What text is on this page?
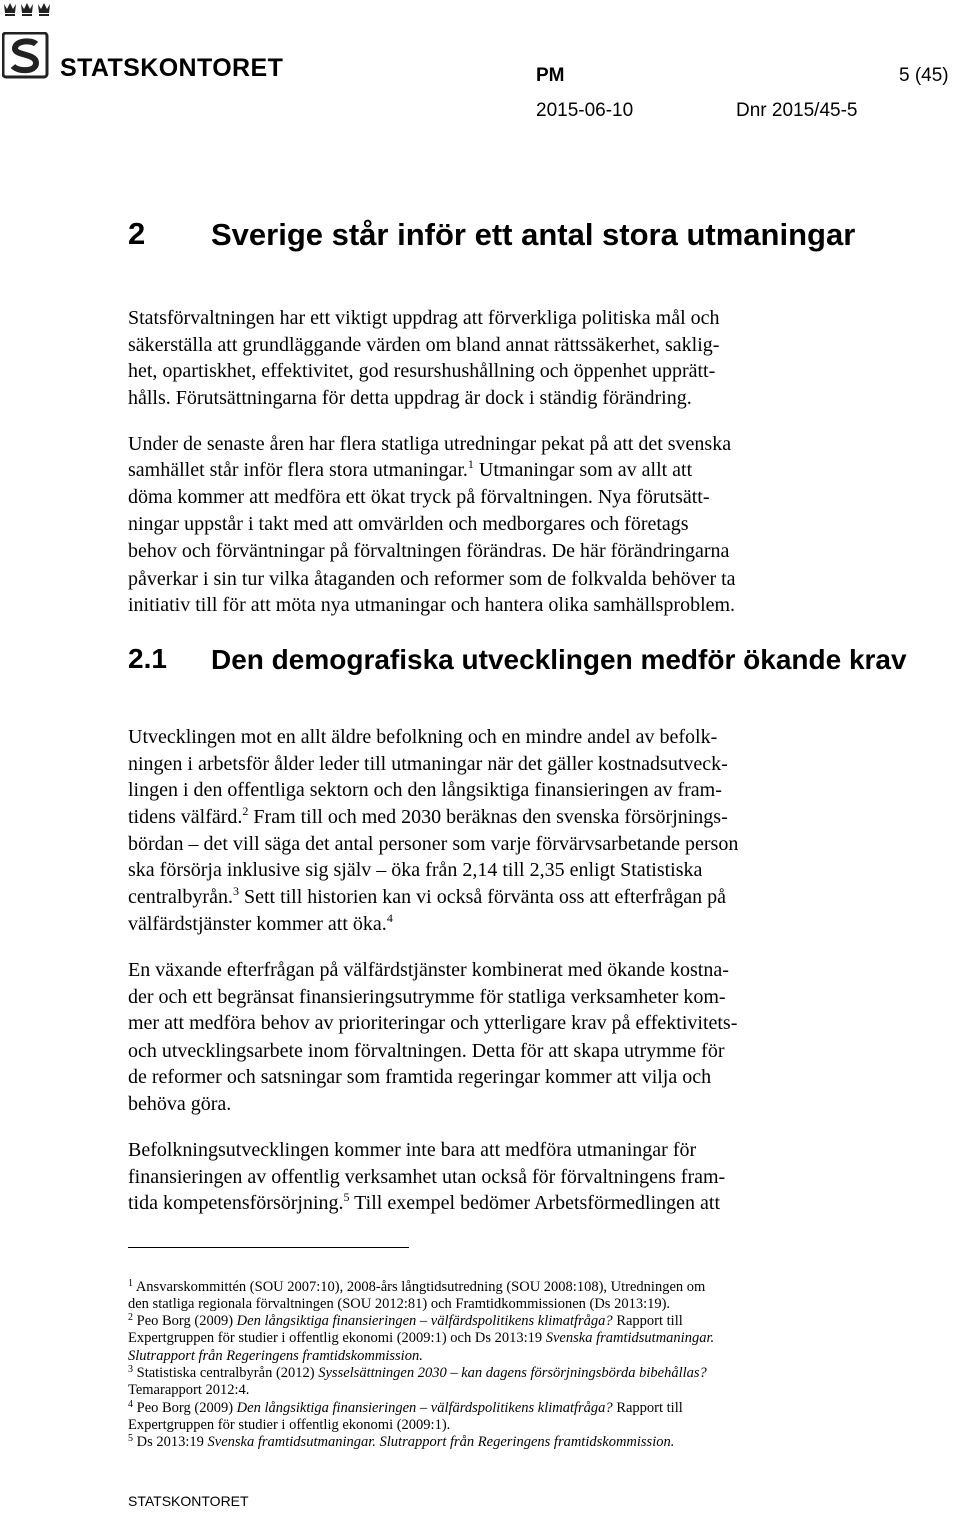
STATSKONTORET	PM	5 (45)
2015-06-10	Dnr 2015/45-5
2 Sverige står inför ett antal stora utmaningar
Statsförvaltningen har ett viktigt uppdrag att förverkliga politiska mål och
säkerställa att grundläggande värden om bland annat rättssäkerhet, saklig-
het, opartiskhet, effektivitet, god resurshushållning och öppenhet upprätt-
hålls. Förutsättningarna för detta uppdrag är dock i ständig förändring.
Under de senaste åren har flera statliga utredningar pekat på att det svenska
samhället står inför flera stora utmaningar.$^1$ Utmaningar som av allt att
döma kommer att medföra ett ökat tryck på förvaltningen. Nya förutsätt-
ningar uppstår i takt med att omvärlden och medborgares och företags
behov och förväntningar på förvaltningen förändras. De här förändringarna
påverkar i sin tur vilka åtaganden och reformer som de folkvalda behöver ta
initiativ till för att möta nya utmaningar och hantera olika samhällsproblem.
2.1 Den demografiska utvecklingen medför ökande krav
Utvecklingen mot en allt äldre befolkning och en mindre andel av befolk-
ningen i arbetsför ålder leder till utmaningar när det gäller kostnadsutveck-
lingen i den offentliga sektorn och den långsiktiga finansieringen av fram-
tidens välfärd.$^2$ Fram till och med 2030 beräknas den svenska försörjnings-
bördan – det vill säga det antal personer som varje förvärvsarbetande person
ska försörja inklusive sig själv – öka från 2,14 till 2,35 enligt Statistiska
centralbyrån.$^3$ Sett till historien kan vi också förvänta oss att efterfrågan på
välfärdstjänster kommer att öka.$^4$
En växande efterfrågan på välfärdstjänster kombinerat med ökande kostna-
der och ett begränsat finansieringsutrymme för statliga verksamheter kom-
mer att medföra behov av prioriteringar och ytterligare krav på effektivitets-
och utvecklingsarbete inom förvaltningen. Detta för att skapa utrymme för
de reformer och satsningar som framtida regeringar kommer att vilja och
behöva göra.
Befolkningsutvecklingen kommer inte bara att medföra utmaningar för
finansieringen av offentlig verksamhet utan också för förvaltningens fram-
tida kompetensförsörjning.$^5$ Till exempel bedömer Arbetsförmedlingen att
$^1$ Ansvarskommittén (SOU 2007:10), 2008-års långtidsutredning (SOU 2008:108), Utredningen om
den statliga regionala förvaltningen (SOU 2012:81) och Framtidkommissionen (Ds 2013:19).
$^2$ Peo Borg (2009) Den långsiktiga finansieringen – välfärdspolitikens klimatfråga? Rapport till
Expertgruppen för studier i offentlig ekonomi (2009:1) och Ds 2013:19 Svenska framtidsutmaningar.
Slutrapport från Regeringens framtidskommission.
$^3$ Statistiska centralbyrån (2012) Sysselsättningen 2030 – kan dagens försörjningsbörda bibehållas?
Temarapport 2012:4.
$^4$ Peo Borg (2009) Den långsiktiga finansieringen – välfärdspolitikens klimatfråga? Rapport till
Expertgruppen för studier i offentlig ekonomi (2009:1).
$^5$ Ds 2013:19 Svenska framtidsutmaningar. Slutrapport från Regeringens framtidskommission.
STATSKONTORET
